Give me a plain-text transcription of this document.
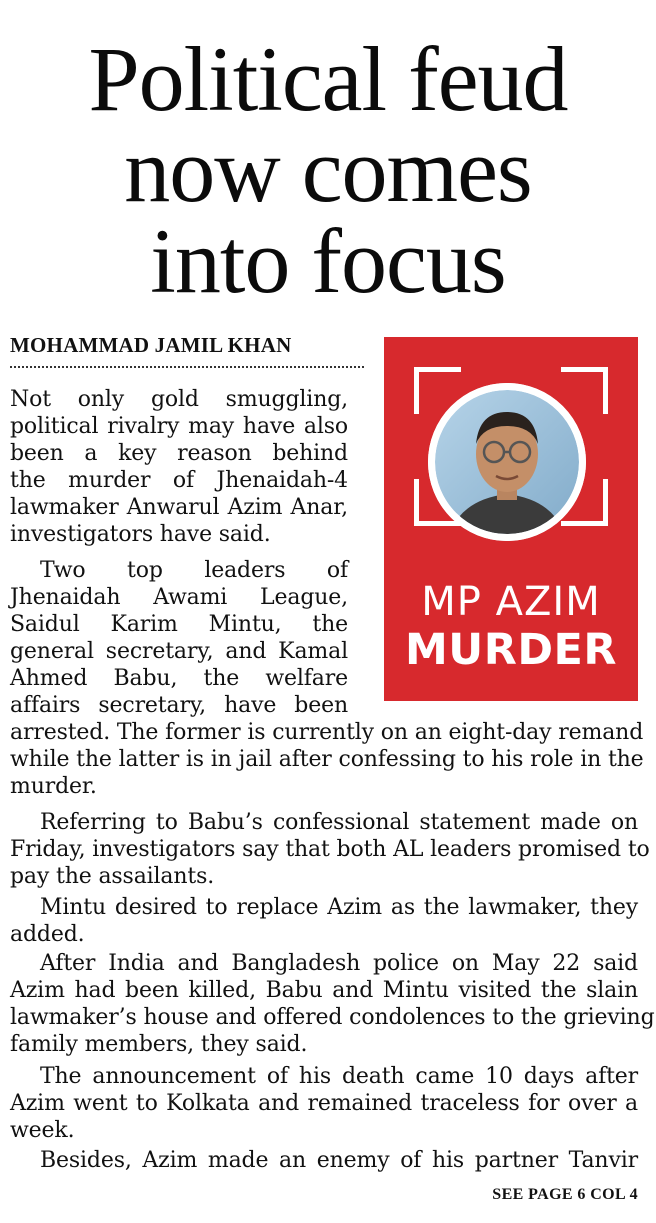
Political feud
now comes
into focus
MOHAMMAD JAMIL KHAN
Not only gold smuggling,
political rivalry may have also
been a key reason behind
the murder of Jhenaidah-4
lawmaker Anwarul Azim Anar,
investigators have said.
Two top leaders of
Jhenaidah Awami League,
Saidul Karim Mintu, the
general secretary, and Kamal
Ahmed Babu, the welfare
affairs secretary, have been
arrested. The former is currently on an eight-day remand
while the latter is in jail after confessing to his role in the
murder.
Referring to Babu’s confessional statement made on
Friday, investigators say that both AL leaders promised to
pay the assailants.
Mintu desired to replace Azim as the lawmaker, they
added.
After India and Bangladesh police on May 22 said
Azim had been killed, Babu and Mintu visited the slain
lawmaker’s house and offered condolences to the grieving
family members, they said.
The announcement of his death came 10 days after
Azim went to Kolkata and remained traceless for over a
week.
Besides, Azim made an enemy of his partner Tanvir
MP AZIM
MURDER
SEE PAGE 6 COL 4
